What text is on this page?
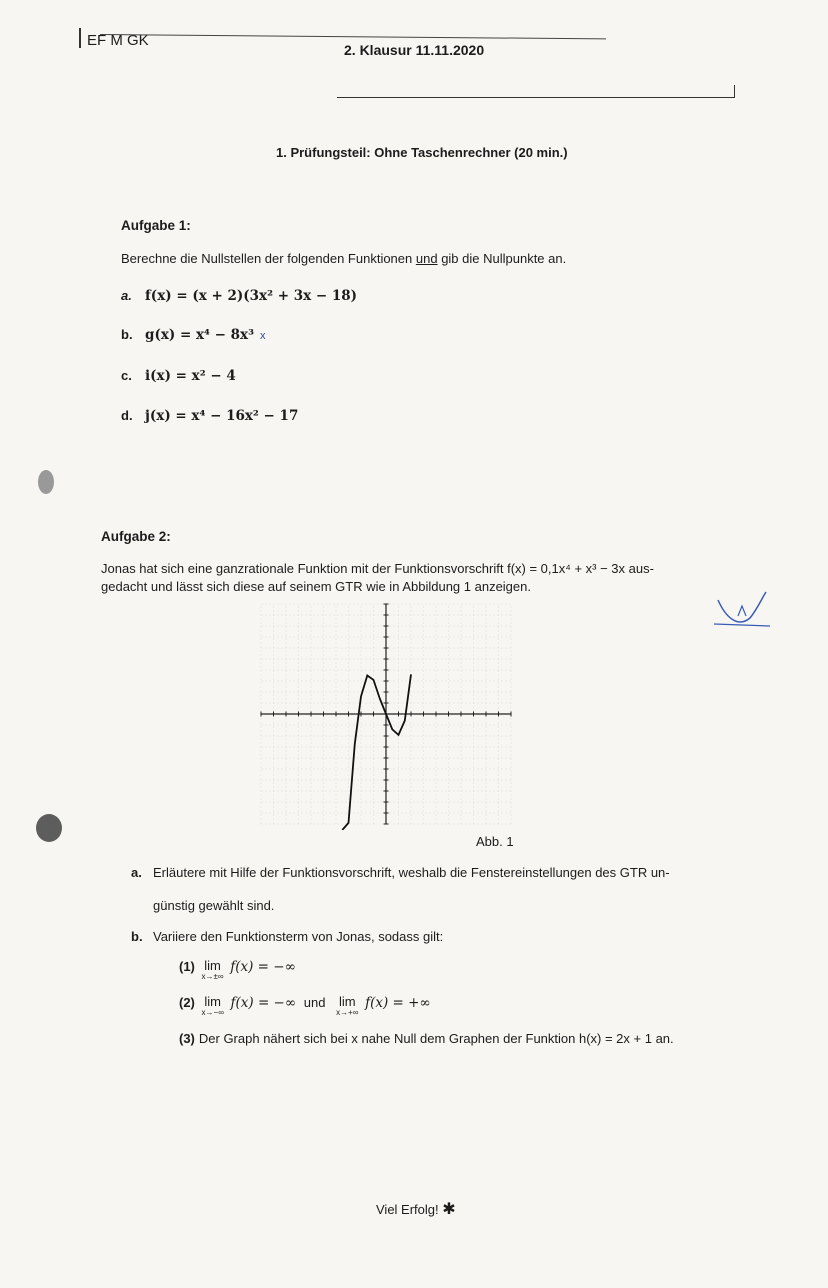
EF M GK
2. Klausur 11.11.2020
1. Prüfungsteil: Ohne Taschenrechner (20 min.)
Aufgabe 1:
Berechne die Nullstellen der folgenden Funktionen und gib die Nullpunkte an.
a. f(x) = (x + 2)(3x² + 3x − 18)
b. g(x) = x⁴ − 8x³ x
c. i(x) = x² − 4
d. j(x) = x⁴ − 16x² − 17
Aufgabe 2:
Jonas hat sich eine ganzrationale Funktion mit der Funktionsvorschrift f(x) = 0,1x⁴ + x³ − 3x aus-
gedacht und lässt sich diese auf seinem GTR wie in Abbildung 1 anzeigen.
Abb. 1
a. Erläutere mit Hilfe der Funktionsvorschrift, weshalb die Fenstereinstellungen des GTR un-
günstig gewählt sind.
b. Variiere den Funktionsterm von Jonas, sodass gilt:
(1) lim
x→±∞
f(x) = −∞
(2) lim
x→−∞
f(x) = −∞ und lim
x→+∞
f(x) = +∞
(3) Der Graph nähert sich bei x nahe Null dem Graphen der Funktion h(x) = 2x + 1 an.
Viel Erfolg! ✱
